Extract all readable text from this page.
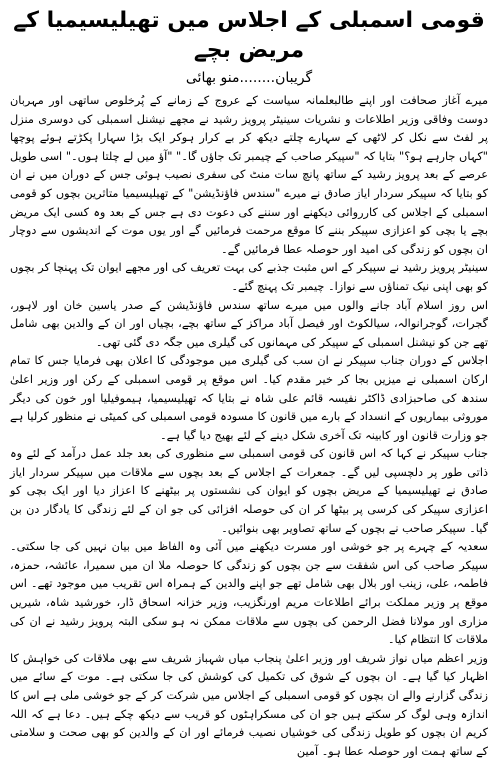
قومی اسمبلی کے اجلاس میں تھیلیسیمیا کے مریض بچے
گریبان........منو بھائی

میرے آغاز صحافت اور اپنے طالبعلمانہ سیاست کے عروج کے زمانے کے پُرخلوص ساتھی اور مہربان دوست وفاقی وزیر اطلاعات و نشریات سینیٹر پرویز رشید نے مجھے نیشنل اسمبلی کی دوسری منزل پر لفٹ سے نکل کر لاٹھی کے سہارے چلتے دیکھ کر بے کرار ہوکر ایک بڑا سہارا پکڑتے ہوئے پوچھا "کہاں جارہے ہو؟" بتایا کہ "سپیکر صاحب کے چیمبر تک جاؤں گا۔" "آؤ میں لے چلتا ہوں۔" اسی طویل عرصے کے بعد پرویز رشید کے ساتھ پانچ سات منٹ کی سفری نصیب ہوئی جس کے دوران میں نے ان کو بتایا کہ سپیکر سردار ایاز صادق نے میرے "سندس فاؤنڈیشن" کے تھیلیسیمیا متاثرین بچوں کو قومی اسمبلی کے اجلاس کی کارروائی دیکھنے اور سننے کی دعوت دی ہے جس کے بعد وہ کسی ایک مریض بچے یا بچی کو اعزازی سپیکر بننے کا موقع مرحمت فرمائیں گے اور یوں موت کے اندیشوں سے دوچار ان بچوں کو زندگی کی امید اور حوصلہ عطا فرمائیں گے۔

سینیٹر پرویز رشید نے سپیکر کے اس مثبت جذبے کی بہت تعریف کی اور مجھے ایوان تک پہنچا کر بچوں کو بھی اپنی نیک تمناؤں سے نوازا۔ چیمبر تک پہنچ گئے۔

اس روز اسلام آباد جانے والوں میں میرے ساتھ سندس فاؤنڈیشن کے صدر یاسین خان اور لاہور، گجرات، گوجرانوالہ، سیالکوٹ اور فیصل آباد مراکز کے ساتھ بچے، بچیاں اور ان کے والدین بھی شامل تھے جن کو نیشنل اسمبلی کے سپیکر کی مہمانوں کی گیلری میں جگہ دی گئی تھی۔

اجلاس کے دوران جناب سپیکر نے ان سب کی گیلری میں موجودگی کا اعلان بھی فرمایا جس کا تمام ارکان اسمبلی نے میزیں بجا کر خیر مقدم کیا۔ اس موقع پر قومی اسمبلی کے رکن اور وزیر اعلیٰ سندھ کی صاحبزادی ڈاکٹر نفیسہ قائم علی شاہ نے بتایا کہ تھیلیسیمیا، ہیموفیلیا اور خون کی دیگر موروثی بیماریوں کے انسداد کے بارے میں قانون کا مسودہ قومی اسمبلی کی کمیٹی نے منظور کرلیا ہے جو وزارت قانون اور کابینہ تک آخری شکل دینے کے لئے بھیج دیا گیا ہے۔

جناب سپیکر نے کہا کہ اس قانون کی قومی اسمبلی سے منظوری کی بعد جلد عمل درآمد کے لئے وہ ذاتی طور پر دلچسپی لیں گے۔ جمعرات کے اجلاس کے بعد بچوں سے ملاقات میں سپیکر سردار ایاز صادق نے تھیلیسیمیا کے مریض بچوں کو ایوان کی نشستوں پر بیٹھنے کا اعزاز دیا اور ایک بچی کو اعزازی سپیکر کی کرسی پر بیٹھا کر ان کی حوصلہ افزائی کی جو ان کے لئے زندگی کا یادگار دن بن گیا۔ سپیکر صاحب نے بچوں کے ساتھ تصاویر بھی بنوائیں۔

سعدیہ کے چہرے پر جو خوشی اور مسرت دیکھنے میں آئی وہ الفاظ میں بیان نہیں کی جا سکتی۔ سپیکر صاحب کی اس شفقت سے جن بچوں کو زندگی کا حوصلہ ملا ان میں سمیرا، عائشہ، حمزہ، فاطمہ، علی، زینب اور بلال بھی شامل تھے جو اپنے والدین کے ہمراہ اس تقریب میں موجود تھے۔ اس موقع پر وزیر مملکت برائے اطلاعات مریم اورنگزیب، وزیر خزانہ اسحاق ڈار، خورشید شاہ، شیریں مزاری اور مولانا فضل الرحمن کی بچوں سے ملاقات ممکن نہ ہو سکی البتہ پرویز رشید نے ان کی ملاقات کا انتظام کیا۔

وزیر اعظم میاں نواز شریف اور وزیر اعلیٰ پنجاب میاں شہباز شریف سے بھی ملاقات کی خواہش کا اظہار کیا گیا ہے۔ ان بچوں کے شوق کی تکمیل کی کوشش کی جا سکتی ہے۔ موت کے سائے میں زندگی گزارنے والے ان بچوں کو قومی اسمبلی کے اجلاس میں شرکت کر کے جو خوشی ملی ہے اس کا اندازہ وہی لوگ کر سکتے ہیں جو ان کی مسکراہٹوں کو قریب سے دیکھ چکے ہیں۔ دعا ہے کہ اللہ کریم ان بچوں کو طویل زندگی کی خوشیاں نصیب فرمائے اور ان کے والدین کو بھی صحت و سلامتی کے ساتھ ہمت اور حوصلہ عطا ہو۔ آمین
